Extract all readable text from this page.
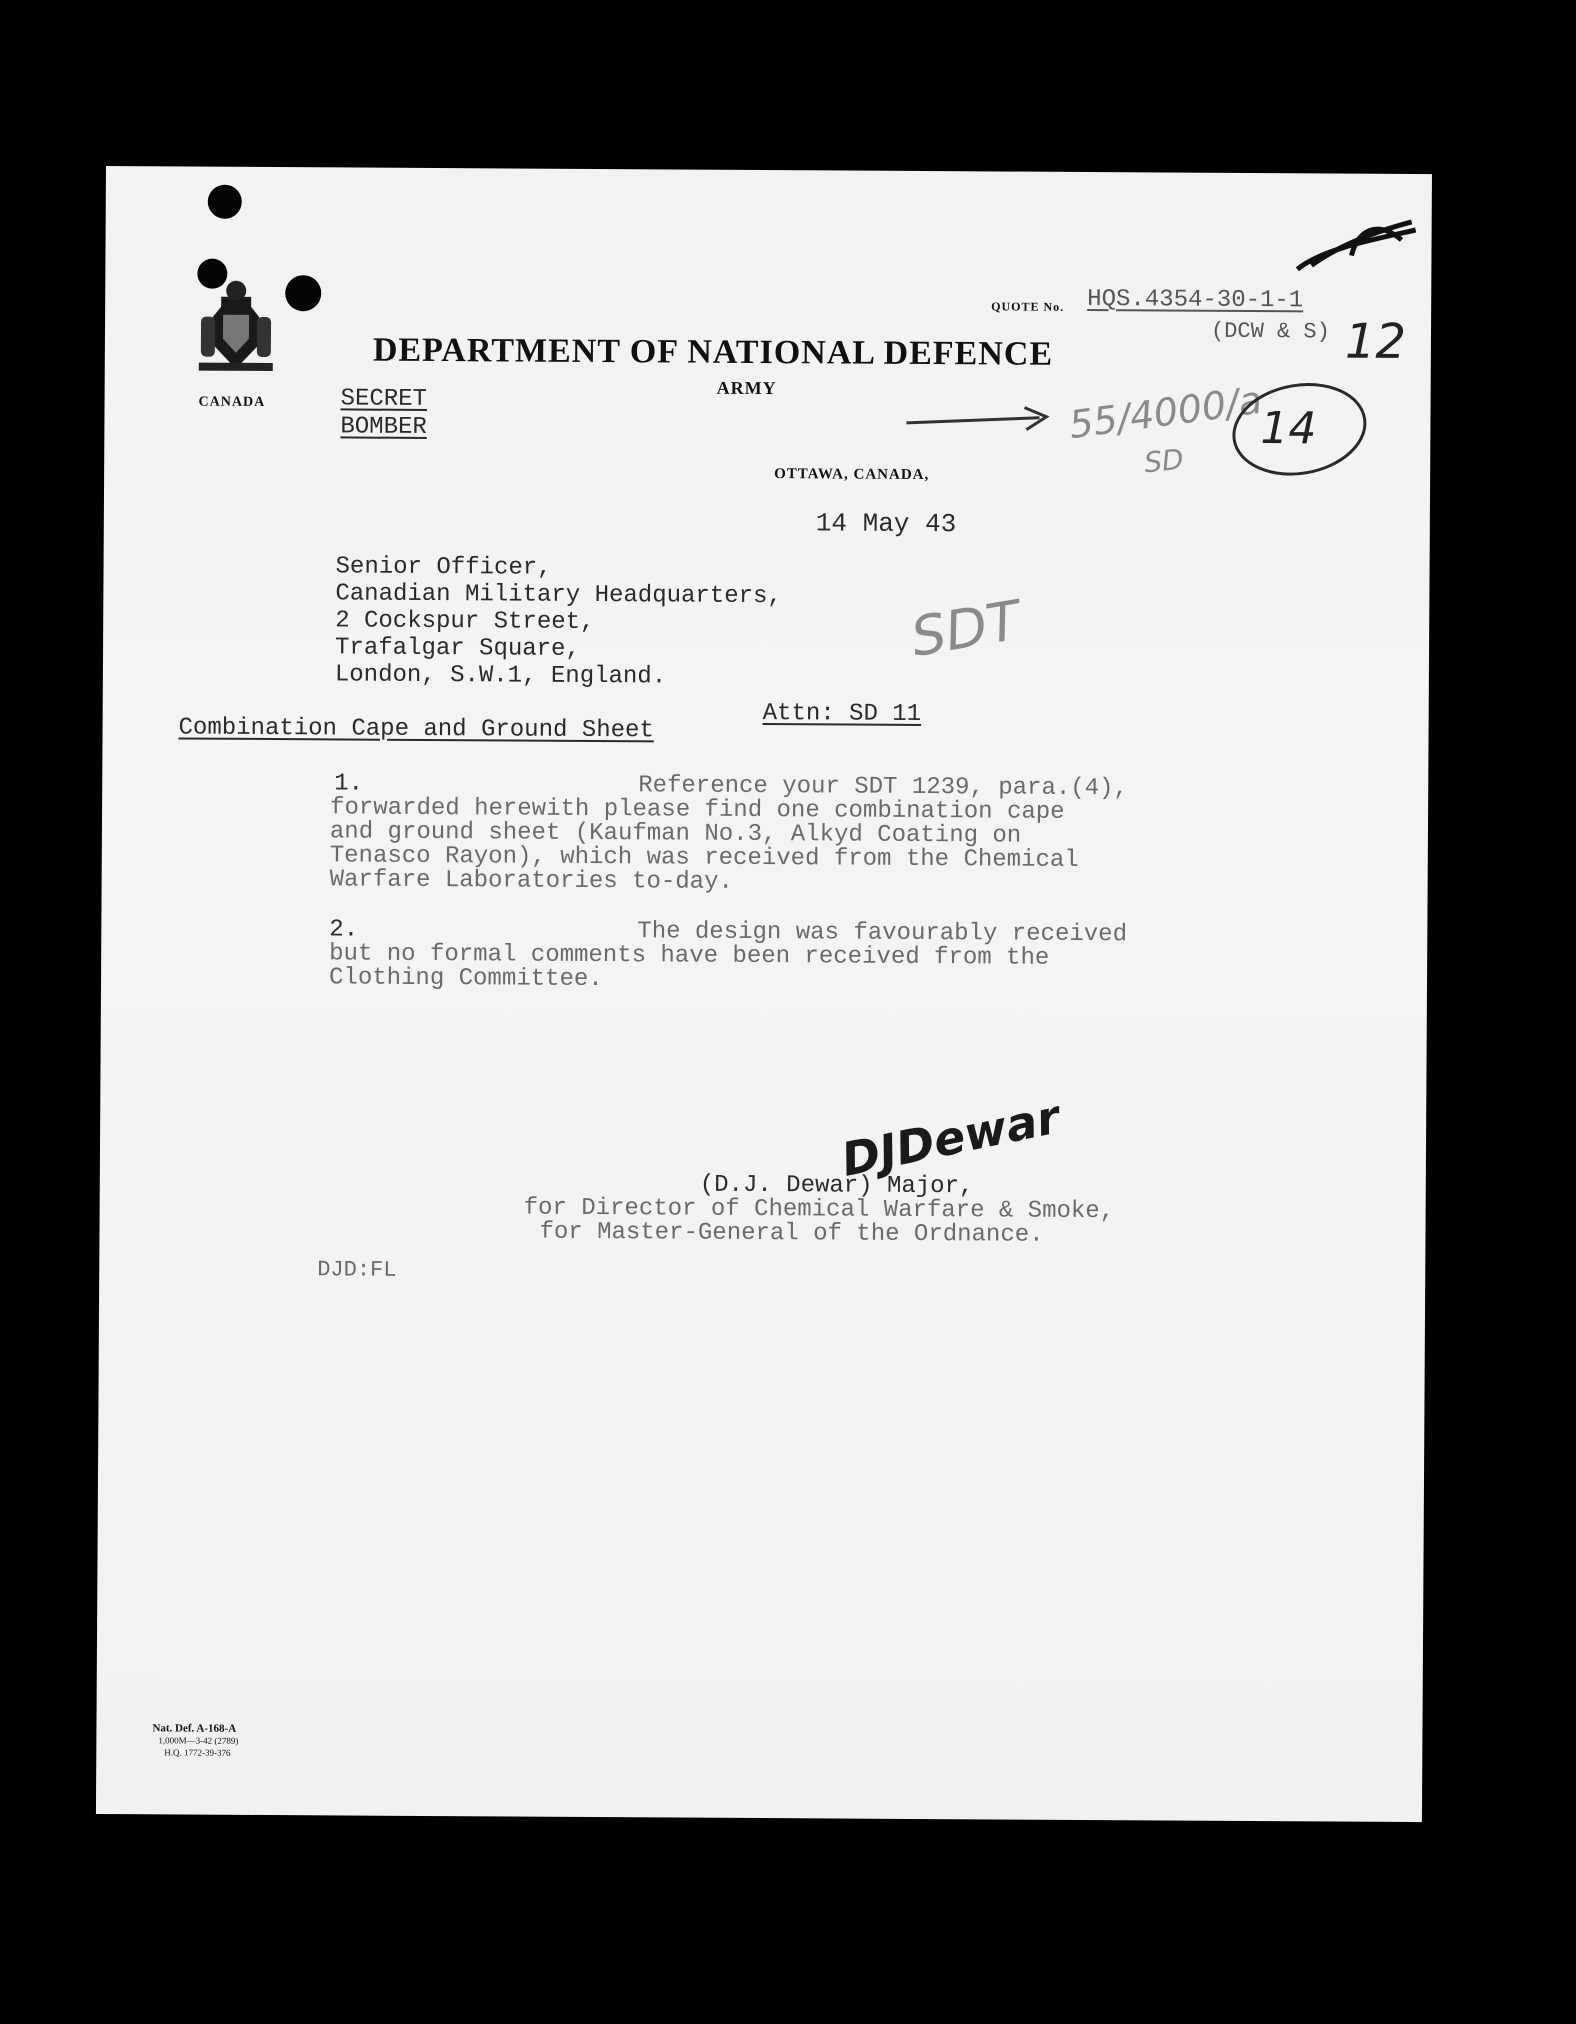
CANADA

QUOTE No. HQS.4354-30-1-1

(DCW & S)

DEPARTMENT OF NATIONAL DEFENCE

ARMY

SECRET

BOMBER	55/4000/a

SD

14

12

SDT

OTTAWA, CANADA,

14 May 43

Senior Officer,

Canadian Military Headquarters,

2 Cockspur Street,

Trafalgar Square,

London, S.W.1, England.

Attn: SD 11

Combination Cape and Ground Sheet

1.	Reference your SDT 1239, para.(4),

forwarded herewith please find one combination cape

and ground sheet (Kaufman No.3, Alkyd Coating on

Tenasco Rayon), which was received from the Chemical

Warfare Laboratories to-day.

2.	The design was favourably received

but no formal comments have been received from the

Clothing Committee.

DJDewar

(D.J. Dewar) Major,

for Director of Chemical Warfare & Smoke,

for Master-General of the Ordnance.

DJD:FL

Nat. Def. A-168-A

1,000M—3-42 (2789)

H.Q. 1772-39-376
